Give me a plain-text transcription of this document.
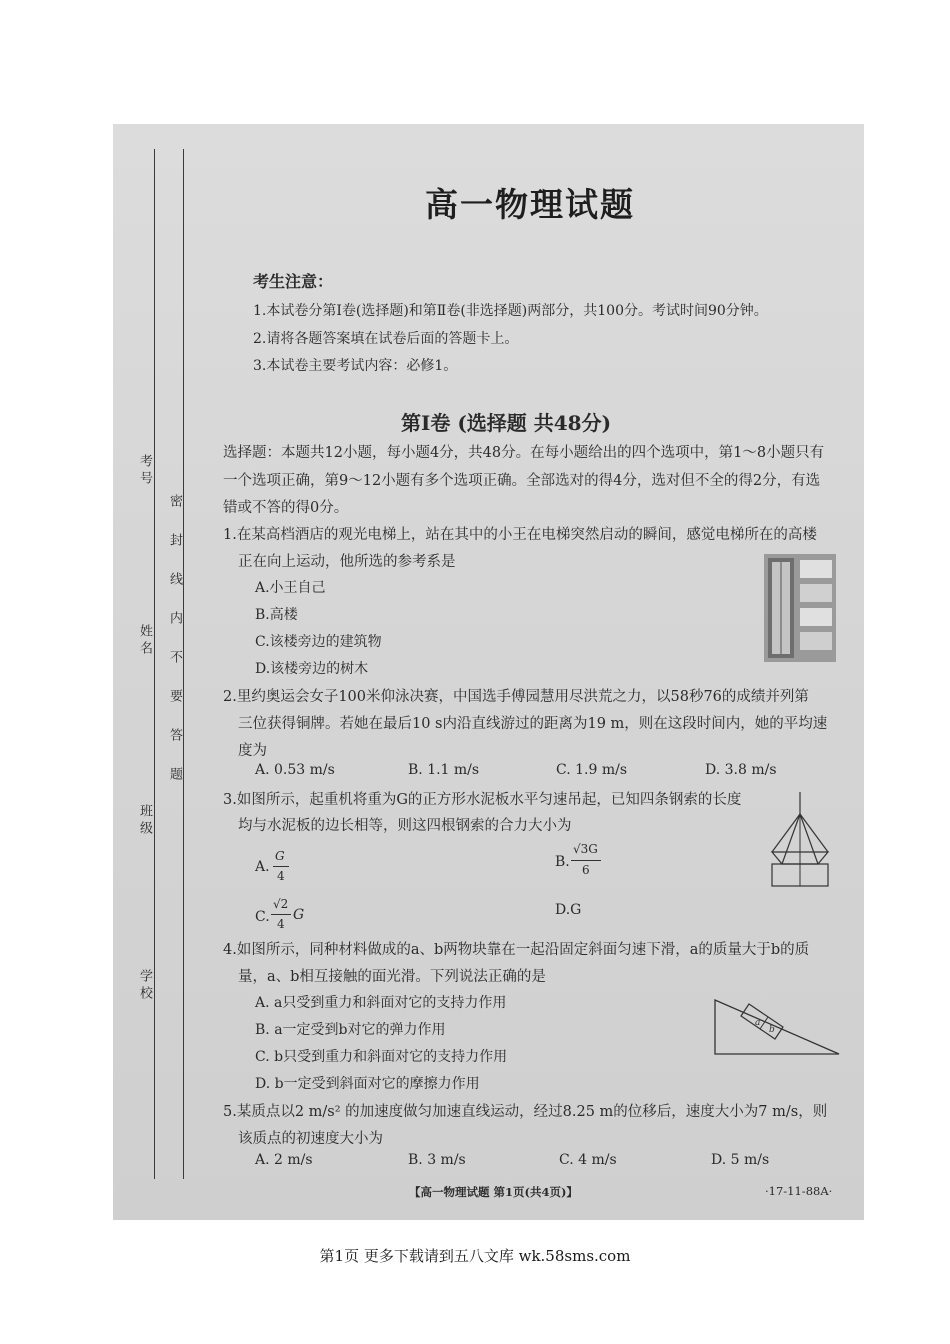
考号
姓名
班级
学校
密封线内不要答题
高一物理试题
考生注意：
1.本试卷分第Ⅰ卷(选择题)和第Ⅱ卷(非选择题)两部分，共100分。考试时间90分钟。
2.请将各题答案填在试卷后面的答题卡上。
3.本试卷主要考试内容：必修1。
第Ⅰ卷 (选择题 共48分)
选择题：本题共12小题，每小题4分，共48分。在每小题给出的四个选项中，第1～8小题只有
一个选项正确，第9～12小题有多个选项正确。全部选对的得4分，选对但不全的得2分，有选
错或不答的得0分。
1.在某高档酒店的观光电梯上，站在其中的小王在电梯突然启动的瞬间，感觉电梯所在的高楼
正在向上运动，他所选的参考系是
A.小王自己
B.高楼
C.该楼旁边的建筑物
D.该楼旁边的树木
2.里约奥运会女子100米仰泳决赛，中国选手傅园慧用尽洪荒之力，以58秒76的成绩并列第
三位获得铜牌。若她在最后10 s内沿直线游过的距离为19 m，则在这段时间内，她的平均速
度为
A. 0.53 m/s	B. 1.1 m/s	C. 1.9 m/s	D. 3.8 m/s
3.如图所示，起重机将重为G的正方形水泥板水平匀速吊起，已知四条钢索的长度
均与水泥板的边长相等，则这四根钢索的合力大小为
A.
G
4
B.
√3G
6
C.
√2
4
G	D.G
4.如图所示，同种材料做成的a、b两物块靠在一起沿固定斜面匀速下滑，a的质量大于b的质
量，a、b相互接触的面光滑。下列说法正确的是
A. a只受到重力和斜面对它的支持力作用
B. a一定受到b对它的弹力作用
C. b只受到重力和斜面对它的支持力作用
D. b一定受到斜面对它的摩擦力作用
a
b
5.某质点以2 m/s² 的加速度做匀加速直线运动，经过8.25 m的位移后，速度大小为7 m/s，则
该质点的初速度大小为
A. 2 m/s	B. 3 m/s	C. 4 m/s	D. 5 m/s
【高一物理试题 第1页(共4页)】	·17-11-88A·
第1页 更多下载请到五八文库 wk.58sms.com
